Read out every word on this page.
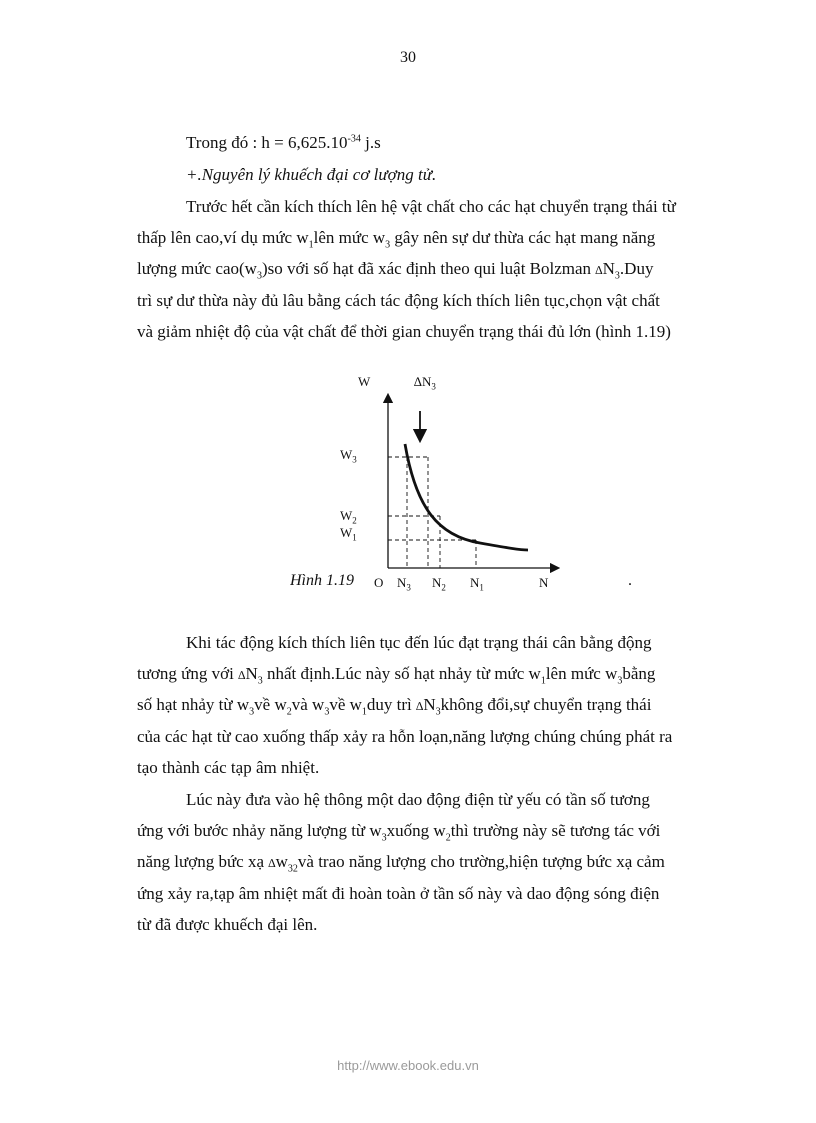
30
Trong đó : $h = 6,625.10^{-34}$ j.s
+.Nguyên lý khuếch đại cơ lượng tử.
Trước hết cần kích thích lên hệ vật chất cho các hạt chuyển trạng thái từ
thấp lên cao,ví dụ mức $w_1lên$ mức $w_3$ gây nên sự dư thừa các hạt mang năng
lượng mức $cao(w_3)so$ với số hạt đã xác định theo qui luật Bolzman $\Delta N_3.Duy$
trì sự dư thừa này đủ lâu bằng cách tác động kích thích liên tục,chọn vật chất
và giảm nhiệt độ của vật chất để thời gian chuyển trạng thái đủ lớn (hình 1.19)
W	$\Delta N_3$
$W_3$
$W_2$
$W_1$
O $N_3$ $N_2$ $N_1$	N	.
Hình 1.19
Khi tác động kích thích liên tục đến lúc đạt trạng thái cân bằng động
tương ứng với $\Delta N_3$ nhất định.Lúc này số hạt nhảy từ mức $w_1lên$ mức $w_3bằng$
số hạt nhảy từ $w_3về$ $w_2và$ $w_3về$ $w_1duy$ trì $\Delta N_3không$ đổi,sự chuyển trạng thái
của các hạt từ cao xuống thấp xảy ra hỗn loạn,năng lượng chúng chúng phát ra
tạo thành các tạp âm nhiệt.
Lúc này đưa vào hệ thông một dao động điện từ yếu có tần số tương
ứng với bước nhảy năng lượng từ $w_3xuống$ $w_2thì$ trường này sẽ tương tác với
năng lượng bức xạ $\Delta w_{32}và$ trao năng lượng cho trường,hiện tượng bức xạ cảm
ứng xảy ra,tạp âm nhiệt mất đi hoàn toàn ở tần số này và dao động sóng điện
từ đã được khuếch đại lên.
http://www.ebook.edu.vn
